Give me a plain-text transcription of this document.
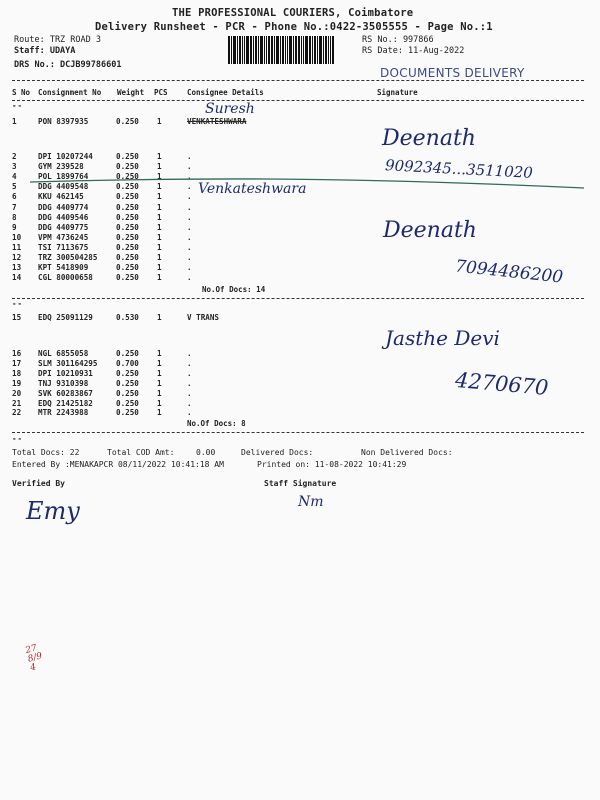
THE PROFESSIONAL COURIERS, Coimbatore
Delivery Runsheet - PCR - Phone No.:0422-3505555 - Page No.:1
Route: TRZ ROAD 3
Staff: UDAYA
DRS No.: DCJB99786601
RS No.: 997866
RS Date: 11-Aug-2022
DOCUMENTS DELIVERY
S No Consignment No Weight PCS	Consignee Details	Signature
--
1	PON 8397935	0.250 1	VENKATESHWARA
2	DPI 10207244	0.250 1	.
3	GYM 239528	0.250 1	.
4	POL 1899764	0.250 1	.
5	DDG 4409548	0.250 1	.
6	KKU 462145	0.250 1	.
7	DDG 4409774	0.250 1	.
8	DDG 4409546	0.250 1	.
9	DDG 4409775	0.250 1	.
10 VPM 4736245	0.250 1	.
11 TSI 7113675	0.250 1	.
12 TRZ 300504285 0.250 1	.
13 KPT 5418909	0.250 1	.
14 CGL 80000658	0.250 1	.
No.Of Docs: 14
--
15 EDQ 25091129	0.530 1	V TRANS
16 NGL 6855058	0.250 1	.
17 SLM 301164295 0.700 1	.
18 DPI 10210931	0.250 1	.
19 TNJ 9310398	0.250 1	.
20 SVK 60283867	0.250 1	.
21 EDQ 21425182	0.250 1	.
22 MTR 2243988	0.250 1	.
No.Of Docs: 8
--
Total Docs: 22	Total COD Amt:	0.00	Delivered Docs:	Non Delivered Docs:
Entered By :MENAKAPCR 08/11/2022 10:41:18 AM	Printed on: 11-08-2022 10:41:29
Verified By	Staff Signature
Suresh
Deenath
9092345...3511020
Venkateshwara
Deenath
7094486200
Jasthe Devi
4270670
Emy	Nm
27
8/9
4
